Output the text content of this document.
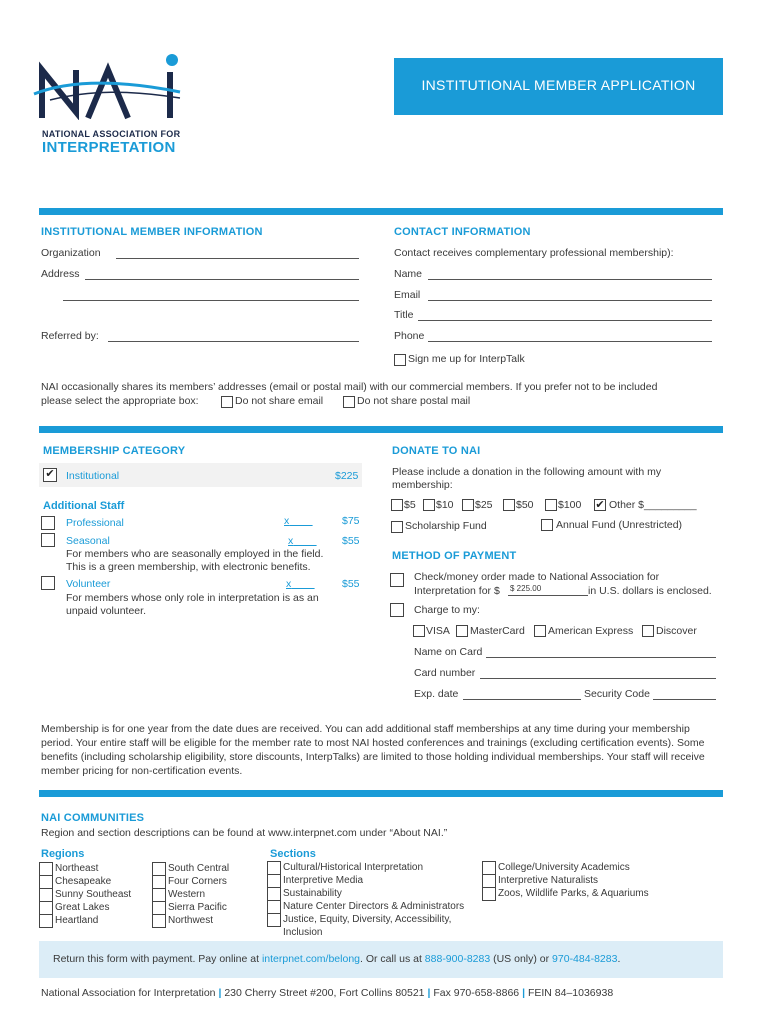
NATIONAL ASSOCIATION FOR
INTERPRETATION
INSTITUTIONAL MEMBER APPLICATION
INSTITUTIONAL MEMBER INFORMATION
Organization
Address
Referred by:
CONTACT INFORMATION
Contact receives complementary professional membership):
Name
Email
Title
Phone
Sign me up for InterpTalk
NAI occasionally shares its members’ addresses (email or postal mail) with our commercial members. If you prefer not to be included
please select the appropriate box:	Do not share email	Do not share postal mail
MEMBERSHIP CATEGORY
✔ Institutional	$225
Additional Staff
Professional	x	$75
Seasonal	x	$55
For members who are seasonally employed in the field.
This is a green membership, with electronic benefits.
Volunteer	x	$55
For members whose only role in interpretation is as an
unpaid volunteer.
DONATE TO NAI
Please include a donation in the following amount with my
membership:
$5 $10 $25 $50 $100 ✔ Other $_________
Scholarship Fund	Annual Fund (Unrestricted)
METHOD OF PAYMENT
Check/money order made to National Association for
Interpretation for $ $ 225.00	in U.S. dollars is enclosed.
Charge to my:
VISA MasterCard American Express Discover
Name on Card
Card number
Exp. date	Security Code
Membership is for one year from the date dues are received. You can add additional staff memberships at any time during your membership
period. Your entire staff will be eligible for the member rate to most NAI hosted conferences and trainings (excluding certification events). Some
benefits (including scholarship eligibility, store discounts, InterpTalks) are limited to those holding individual memberships. Your staff will receive
member pricing for non-certification events.
NAI COMMUNITIES
Region and section descriptions can be found at www.interpnet.com under “About NAI.”
Regions	Sections
Northeast
Chesapeake
Sunny Southeast
Great Lakes
Heartland
South Central
Four Corners
Western
Sierra Pacific
Northwest
Cultural/Historical Interpretation
Interpretive Media
Sustainability
Nature Center Directors & Administrators
Justice, Equity, Diversity, Accessibility,
Inclusion
College/University Academics
Interpretive Naturalists
Zoos, Wildlife Parks, & Aquariums
Return this form with payment. Pay online at interpnet.com/belong. Or call us at 888-900-8283 (US only) or 970-484-8283.
National Association for Interpretation | 230 Cherry Street #200, Fort Collins 80521 | Fax 970-658-8866 | FEIN 84–1036938
